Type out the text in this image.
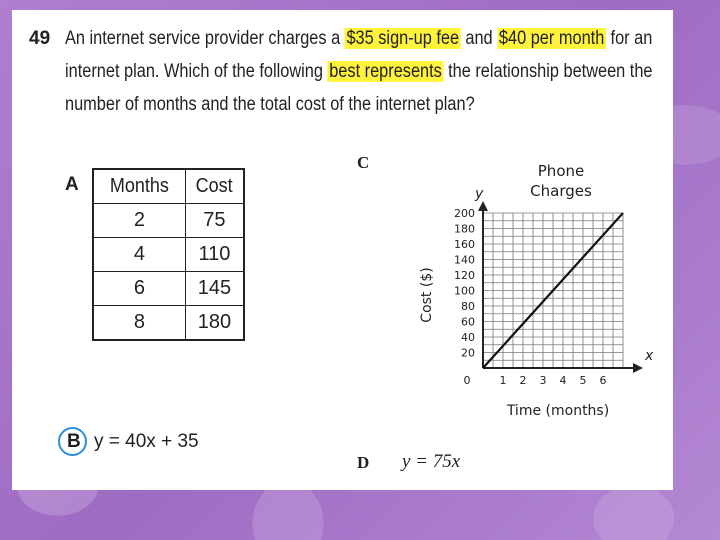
49 An internet service provider charges a $35 sign-up fee and $40 per month for an
internet plan. Which of the following best represents the relationship between the
number of months and the total cost of the internet plan?
A Months	Cost
2	75
4	110
6	145
8	180
B y = 40x + 35
C	Phone
Charges
y
x
20
40
60
80
100
120
140
160
180
200
1 2 3 4 5 6
0
Time (months)
Cost ($)
D y = 75x
